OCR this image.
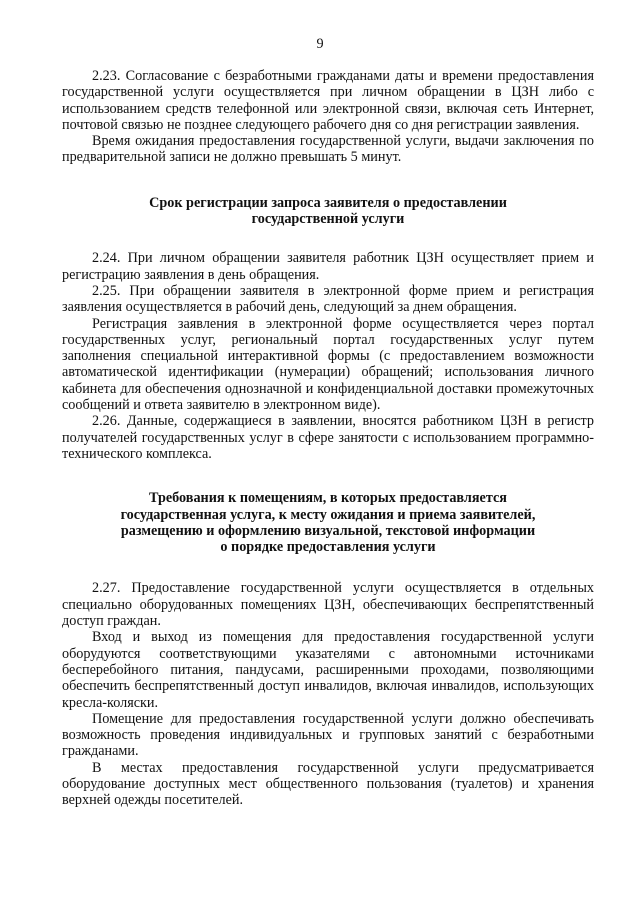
9

2.23. Согласование с безработными гражданами даты и времени предоставления государственной услуги осуществляется при личном обращении в ЦЗН либо с использованием средств телефонной или электронной связи, включая сеть Интернет, почтовой связью не позднее следующего рабочего дня со дня регистрации заявления.

Время ожидания предоставления государственной услуги, выдачи заключения по предварительной записи не должно превышать 5 минут.

Срок регистрации запроса заявителя о предоставлении
государственной услуги

2.24. При личном обращении заявителя работник ЦЗН осуществляет прием и регистрацию заявления в день обращения.

2.25. При обращении заявителя в электронной форме прием и регистрация заявления осуществляется в рабочий день, следующий за днем обращения.

Регистрация заявления в электронной форме осуществляется через портал государственных услуг, региональный портал государственных услуг путем заполнения специальной интерактивной формы (с предоставлением возможности автоматической идентификации (нумерации) обращений; использования личного кабинета для обеспечения однозначной и конфиденциальной доставки промежуточных сообщений и ответа заявителю в электронном виде).

2.26. Данные, содержащиеся в заявлении, вносятся работником ЦЗН в регистр получателей государственных услуг в сфере занятости с использованием программно-технического комплекса.

Требования к помещениям, в которых предоставляется
государственная услуга, к месту ожидания и приема заявителей,
размещению и оформлению визуальной, текстовой информации
о порядке предоставления услуги

2.27. Предоставление государственной услуги осуществляется в отдельных специально оборудованных помещениях ЦЗН, обеспечивающих беспрепятственный доступ граждан.

Вход и выход из помещения для предоставления государственной услуги оборудуются соответствующими указателями с автономными источниками бесперебойного питания, пандусами, расширенными проходами, позволяющими обеспечить беспрепятственный доступ инвалидов, включая инвалидов, использующих кресла-коляски.

Помещение для предоставления государственной услуги должно обеспечивать возможность проведения индивидуальных и групповых занятий с безработными гражданами.

В местах предоставления государственной услуги предусматривается оборудование доступных мест общественного пользования (туалетов) и хранения верхней одежды посетителей.
